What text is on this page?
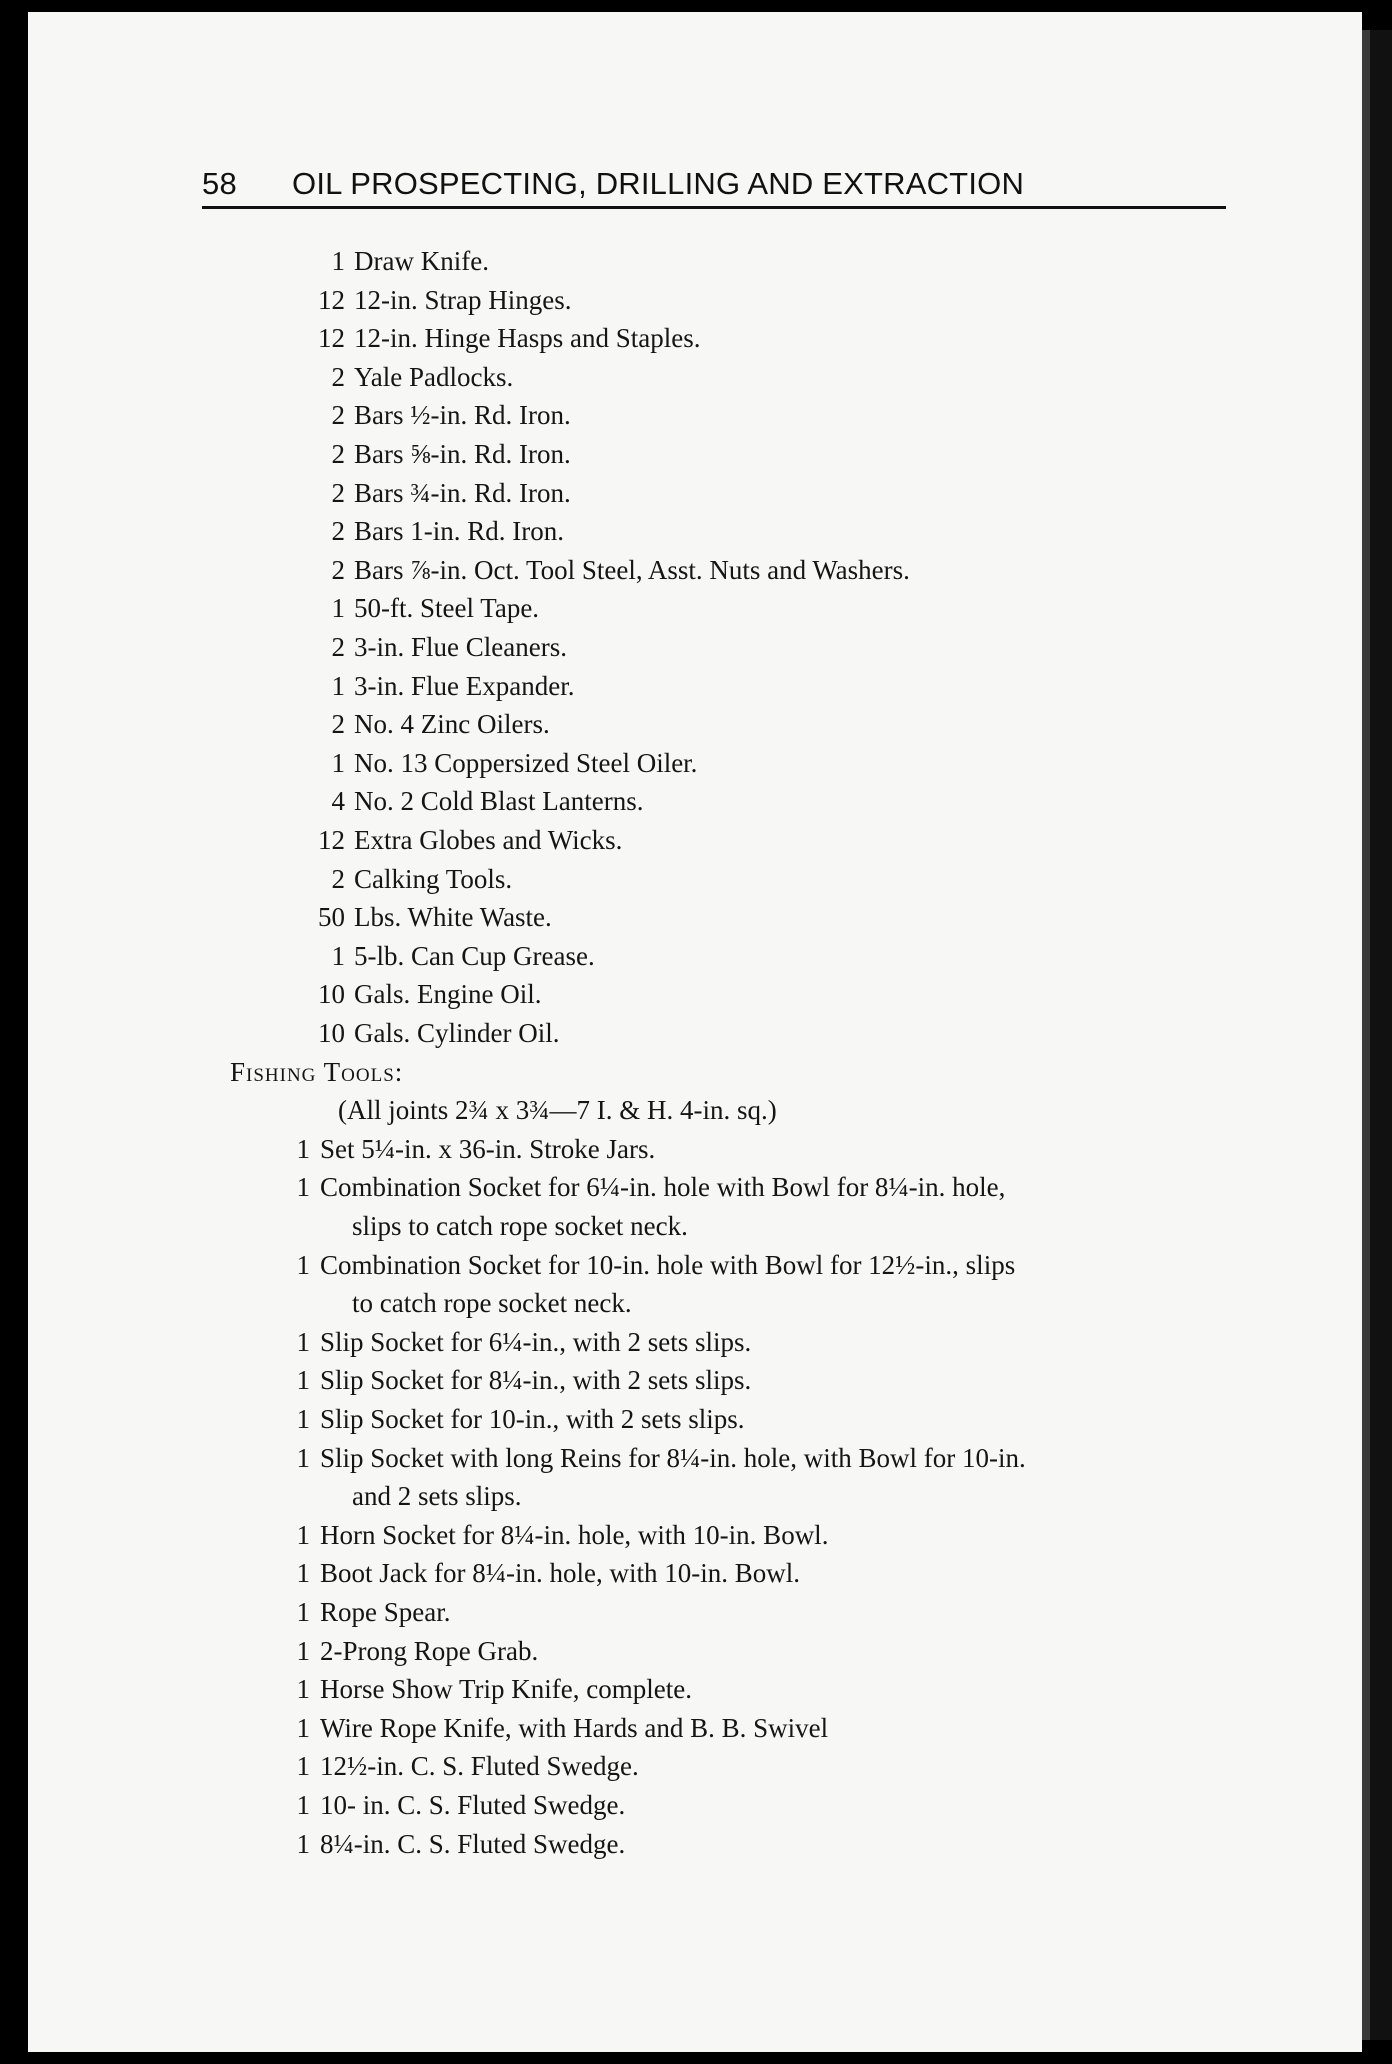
58 OIL PROSPECTING, DRILLING AND EXTRACTION
1 Draw Knife.
12 12-in. Strap Hinges.
12 12-in. Hinge Hasps and Staples.
2 Yale Padlocks.
2 Bars ½-in. Rd. Iron.
2 Bars ⅝-in. Rd. Iron.
2 Bars ¾-in. Rd. Iron.
2 Bars 1-in. Rd. Iron.
2 Bars ⅞-in. Oct. Tool Steel, Asst. Nuts and Washers.
1 50-ft. Steel Tape.
2 3-in. Flue Cleaners.
1 3-in. Flue Expander.
2 No. 4 Zinc Oilers.
1 No. 13 Coppersized Steel Oiler.
4 No. 2 Cold Blast Lanterns.
12 Extra Globes and Wicks.
2 Calking Tools.
50 Lbs. White Waste.
1 5-lb. Can Cup Grease.
10 Gals. Engine Oil.
10 Gals. Cylinder Oil.
Fishing Tools:
(All joints 2¾ x 3¾—7 I. & H. 4-in. sq.)
1 Set 5¼-in. x 36-in. Stroke Jars.
1 Combination Socket for 6¼-in. hole with Bowl for 8¼-in. hole,
slips to catch rope socket neck.
1 Combination Socket for 10-in. hole with Bowl for 12½-in., slips
to catch rope socket neck.
1 Slip Socket for 6¼-in., with 2 sets slips.
1 Slip Socket for 8¼-in., with 2 sets slips.
1 Slip Socket for 10-in., with 2 sets slips.
1 Slip Socket with long Reins for 8¼-in. hole, with Bowl for 10-in.
and 2 sets slips.
1 Horn Socket for 8¼-in. hole, with 10-in. Bowl.
1 Boot Jack for 8¼-in. hole, with 10-in. Bowl.
1 Rope Spear.
1 2-Prong Rope Grab.
1 Horse Show Trip Knife, complete.
1 Wire Rope Knife, with Hards and B. B. Swivel
1 12½-in. C. S. Fluted Swedge.
1 10- in. C. S. Fluted Swedge.
1 8¼-in. C. S. Fluted Swedge.
